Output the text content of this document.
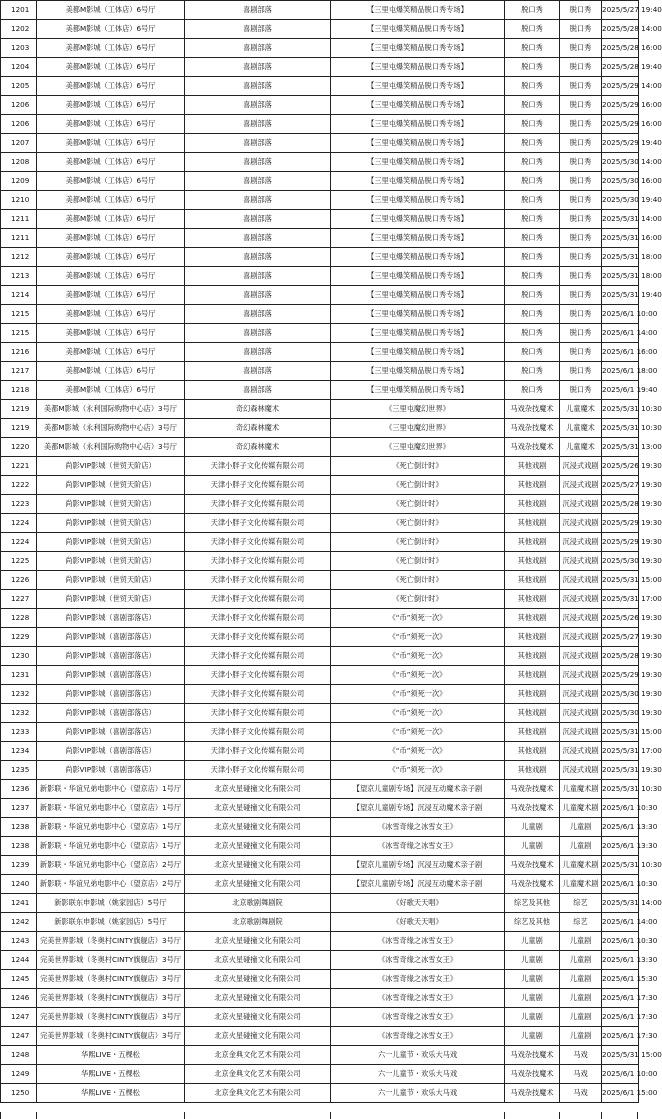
1201	美都M影城（工体店）6号厅	喜剧部落	【三里屯爆笑精品脱口秀专场】	脱口秀	脱口秀	2025/5/27 19:40
1202	美都M影城（工体店）6号厅	喜剧部落	【三里屯爆笑精品脱口秀专场】	脱口秀	脱口秀	2025/5/28 14:00
1203	美都M影城（工体店）6号厅	喜剧部落	【三里屯爆笑精品脱口秀专场】	脱口秀	脱口秀	2025/5/28 16:00
1204	美都M影城（工体店）6号厅	喜剧部落	【三里屯爆笑精品脱口秀专场】	脱口秀	脱口秀	2025/5/28 19:40
1205	美都M影城（工体店）6号厅	喜剧部落	【三里屯爆笑精品脱口秀专场】	脱口秀	脱口秀	2025/5/29 14:00
1206	美都M影城（工体店）6号厅	喜剧部落	【三里屯爆笑精品脱口秀专场】	脱口秀	脱口秀	2025/5/29 16:00
1206	美都M影城（工体店）6号厅	喜剧部落	【三里屯爆笑精品脱口秀专场】	脱口秀	脱口秀	2025/5/29 16:00
1207	美都M影城（工体店）6号厅	喜剧部落	【三里屯爆笑精品脱口秀专场】	脱口秀	脱口秀	2025/5/29 19:40
1208	美都M影城（工体店）6号厅	喜剧部落	【三里屯爆笑精品脱口秀专场】	脱口秀	脱口秀	2025/5/30 14:00
1209	美都M影城（工体店）6号厅	喜剧部落	【三里屯爆笑精品脱口秀专场】	脱口秀	脱口秀	2025/5/30 16:00
1210	美都M影城（工体店）6号厅	喜剧部落	【三里屯爆笑精品脱口秀专场】	脱口秀	脱口秀	2025/5/30 19:40
1211	美都M影城（工体店）6号厅	喜剧部落	【三里屯爆笑精品脱口秀专场】	脱口秀	脱口秀	2025/5/31 14:00
1211	美都M影城（工体店）6号厅	喜剧部落	【三里屯爆笑精品脱口秀专场】	脱口秀	脱口秀	2025/5/31 16:00
1212	美都M影城（工体店）6号厅	喜剧部落	【三里屯爆笑精品脱口秀专场】	脱口秀	脱口秀	2025/5/31 18:00
1213	美都M影城（工体店）6号厅	喜剧部落	【三里屯爆笑精品脱口秀专场】	脱口秀	脱口秀	2025/5/31 18:00
1214	美都M影城（工体店）6号厅	喜剧部落	【三里屯爆笑精品脱口秀专场】	脱口秀	脱口秀	2025/5/31 19:40
1215	美都M影城（工体店）6号厅	喜剧部落	【三里屯爆笑精品脱口秀专场】	脱口秀	脱口秀	2025/6/1 10:00
1215	美都M影城（工体店）6号厅	喜剧部落	【三里屯爆笑精品脱口秀专场】	脱口秀	脱口秀	2025/6/1 14:00
1216	美都M影城（工体店）6号厅	喜剧部落	【三里屯爆笑精品脱口秀专场】	脱口秀	脱口秀	2025/6/1 16:00
1217	美都M影城（工体店）6号厅	喜剧部落	【三里屯爆笑精品脱口秀专场】	脱口秀	脱口秀	2025/6/1 18:00
1218	美都M影城（工体店）6号厅	喜剧部落	【三里屯爆笑精品脱口秀专场】	脱口秀	脱口秀	2025/6/1 19:40
1219	美都M影城（永利国际购物中心店）3号厅	奇幻森林魔术	《三里屯魔幻世界》	马戏杂技魔术	儿童魔术	2025/5/31 10:30
1219	美都M影城（永利国际购物中心店）3号厅	奇幻森林魔术	《三里屯魔幻世界》	马戏杂技魔术	儿童魔术	2025/5/31 10:30
1220	美都M影城（永利国际购物中心店）3号厅	奇幻森林魔术	《三里屯魔幻世界》	马戏杂技魔术	儿童魔术	2025/5/31 13:00
1221	尚影VIP影城（世贸天阶店）	天津小胖子文化传媒有限公司	《死亡倒计时》	其他戏剧	沉浸式戏剧	2025/5/26 19:30
1222	尚影VIP影城（世贸天阶店）	天津小胖子文化传媒有限公司	《死亡倒计时》	其他戏剧	沉浸式戏剧	2025/5/27 19:30
1223	尚影VIP影城（世贸天阶店）	天津小胖子文化传媒有限公司	《死亡倒计时》	其他戏剧	沉浸式戏剧	2025/5/28 19:30
1224	尚影VIP影城（世贸天阶店）	天津小胖子文化传媒有限公司	《死亡倒计时》	其他戏剧	沉浸式戏剧	2025/5/29 19:30
1224	尚影VIP影城（世贸天阶店）	天津小胖子文化传媒有限公司	《死亡倒计时》	其他戏剧	沉浸式戏剧	2025/5/29 19:30
1225	尚影VIP影城（世贸天阶店）	天津小胖子文化传媒有限公司	《死亡倒计时》	其他戏剧	沉浸式戏剧	2025/5/30 19:30
1226	尚影VIP影城（世贸天阶店）	天津小胖子文化传媒有限公司	《死亡倒计时》	其他戏剧	沉浸式戏剧	2025/5/31 15:00
1227	尚影VIP影城（世贸天阶店）	天津小胖子文化传媒有限公司	《死亡倒计时》	其他戏剧	沉浸式戏剧	2025/5/31 17:00
1228	尚影VIP影城（喜剧部落店）	天津小胖子文化传媒有限公司	《“币”须死一次》	其他戏剧	沉浸式戏剧	2025/5/26 19:30
1229	尚影VIP影城（喜剧部落店）	天津小胖子文化传媒有限公司	《“币”须死一次》	其他戏剧	沉浸式戏剧	2025/5/27 19:30
1230	尚影VIP影城（喜剧部落店）	天津小胖子文化传媒有限公司	《“币”须死一次》	其他戏剧	沉浸式戏剧	2025/5/28 19:30
1231	尚影VIP影城（喜剧部落店）	天津小胖子文化传媒有限公司	《“币”须死一次》	其他戏剧	沉浸式戏剧	2025/5/29 19:30
1232	尚影VIP影城（喜剧部落店）	天津小胖子文化传媒有限公司	《“币”须死一次》	其他戏剧	沉浸式戏剧	2025/5/30 19:30
1232	尚影VIP影城（喜剧部落店）	天津小胖子文化传媒有限公司	《“币”须死一次》	其他戏剧	沉浸式戏剧	2025/5/30 19:30
1233	尚影VIP影城（喜剧部落店）	天津小胖子文化传媒有限公司	《“币”须死一次》	其他戏剧	沉浸式戏剧	2025/5/31 15:00
1234	尚影VIP影城（喜剧部落店）	天津小胖子文化传媒有限公司	《“币”须死一次》	其他戏剧	沉浸式戏剧	2025/5/31 17:00
1235	尚影VIP影城（喜剧部落店）	天津小胖子文化传媒有限公司	《“币”须死一次》	其他戏剧	沉浸式戏剧	2025/5/31 19:30
1236	新影联・华谊兄弟电影中心（望京店）1号厅	北京火星碰撞文化有限公司	【望京儿童剧专场】沉浸互动魔术亲子剧	马戏杂技魔术	儿童魔术剧	2025/5/31 10:30
1237	新影联・华谊兄弟电影中心（望京店）1号厅	北京火星碰撞文化有限公司	【望京儿童剧专场】沉浸互动魔术亲子剧	马戏杂技魔术	儿童魔术剧	2025/6/1 10:30
1238	新影联・华谊兄弟电影中心（望京店）1号厅	北京火星碰撞文化有限公司	《冰雪奇缘之冰雪女王》	儿童剧	儿童剧	2025/6/1 13:30
1238	新影联・华谊兄弟电影中心（望京店）1号厅	北京火星碰撞文化有限公司	《冰雪奇缘之冰雪女王》	儿童剧	儿童剧	2025/6/1 13:30
1239	新影联・华谊兄弟电影中心（望京店）2号厅	北京火星碰撞文化有限公司	【望京儿童剧专场】沉浸互动魔术亲子剧	马戏杂技魔术	儿童魔术剧	2025/5/31 10:30
1240	新影联・华谊兄弟电影中心（望京店）2号厅	北京火星碰撞文化有限公司	【望京儿童剧专场】沉浸互动魔术亲子剧	马戏杂技魔术	儿童魔术剧	2025/6/1 10:30
1241	新影联东申影城（姚家园店）5号厅	北京歌剧舞剧院	《好歌天天唱》	综艺及其他	综艺	2025/5/31 14:00
1242	新影联东申影城（姚家园店）5号厅	北京歌剧舞剧院	《好歌天天唱》	综艺及其他	综艺	2025/6/1 14:00
1243	完美世界影城（冬奥村CINTY旗舰店）3号厅	北京火星碰撞文化有限公司	《冰雪奇缘之冰雪女王》	儿童剧	儿童剧	2025/6/1 10:30
1244	完美世界影城（冬奥村CINTY旗舰店）3号厅	北京火星碰撞文化有限公司	《冰雪奇缘之冰雪女王》	儿童剧	儿童剧	2025/6/1 13:30
1245	完美世界影城（冬奥村CINTY旗舰店）3号厅	北京火星碰撞文化有限公司	《冰雪奇缘之冰雪女王》	儿童剧	儿童剧	2025/6/1 15:30
1246	完美世界影城（冬奥村CINTY旗舰店）3号厅	北京火星碰撞文化有限公司	《冰雪奇缘之冰雪女王》	儿童剧	儿童剧	2025/6/1 17:30
1247	完美世界影城（冬奥村CINTY旗舰店）3号厅	北京火星碰撞文化有限公司	《冰雪奇缘之冰雪女王》	儿童剧	儿童剧	2025/6/1 17:30
1247	完美世界影城（冬奥村CINTY旗舰店）3号厅	北京火星碰撞文化有限公司	《冰雪奇缘之冰雪女王》	儿童剧	儿童剧	2025/6/1 17:30
1248	华熙LIVE・五棵松	北京金典文化艺术有限公司	六一儿童节・欢乐大马戏	马戏杂技魔术	马戏	2025/5/31 15:00
1249	华熙LIVE・五棵松	北京金典文化艺术有限公司	六一儿童节・欢乐大马戏	马戏杂技魔术	马戏	2025/6/1 10:00
1250	华熙LIVE・五棵松	北京金典文化艺术有限公司	六一儿童节・欢乐大马戏	马戏杂技魔术	马戏	2025/6/1 15:00
